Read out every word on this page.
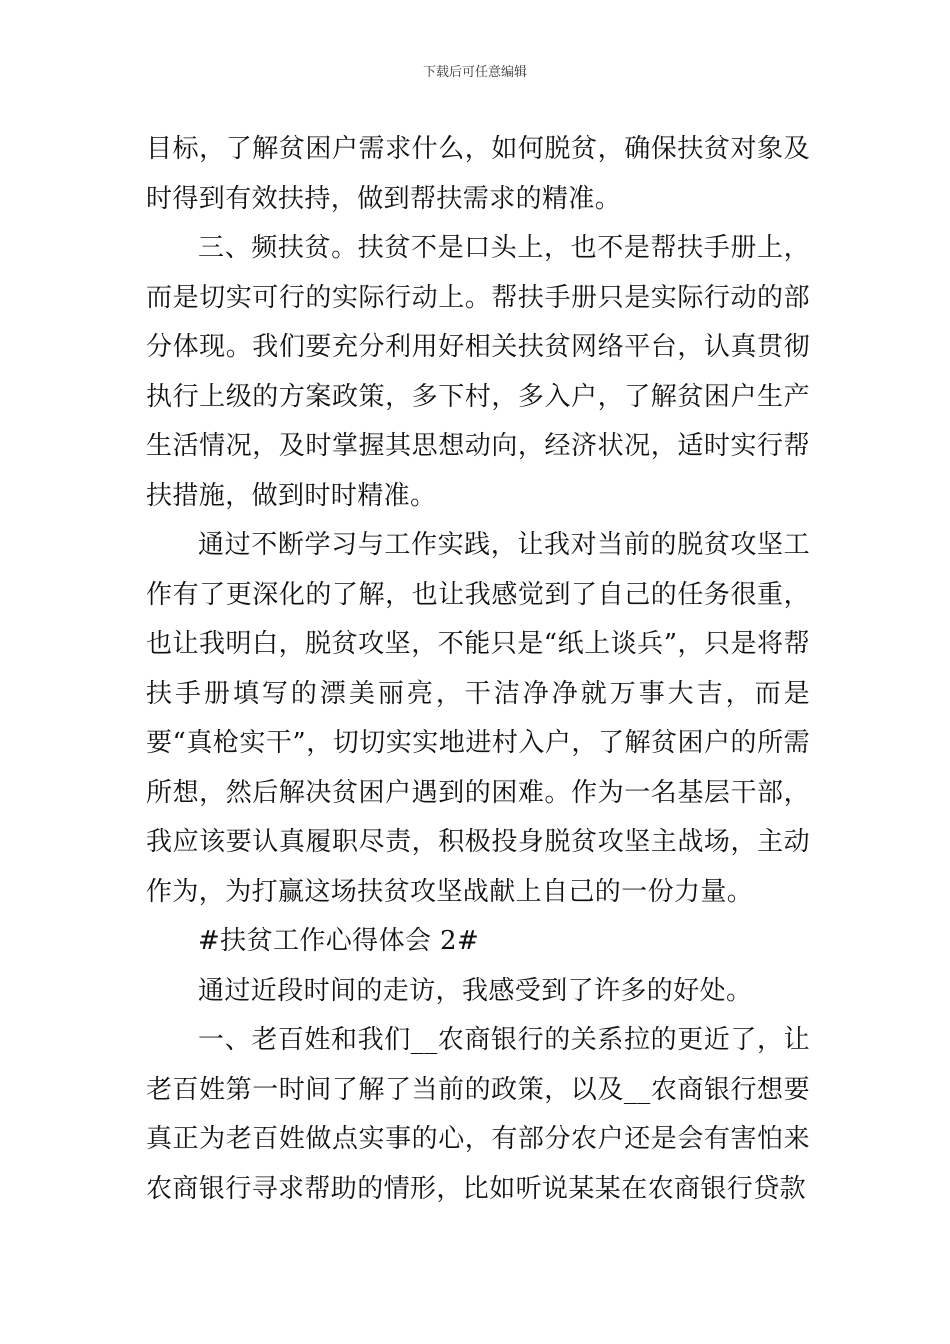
下载后可任意编辑

目标，了解贫困户需求什么，如何脱贫，确保扶贫对象及时得到有效扶持，做到帮扶需求的精准。

三、频扶贫。扶贫不是口头上，也不是帮扶手册上，而是切实可行的实际行动上。帮扶手册只是实际行动的部分体现。我们要充分利用好相关扶贫网络平台，认真贯彻执行上级的方案政策，多下村，多入户，了解贫困户生产生活情况，及时掌握其思想动向，经济状况，适时实行帮扶措施，做到时时精准。

通过不断学习与工作实践，让我对当前的脱贫攻坚工作有了更深化的了解，也让我感觉到了自己的任务很重，也让我明白，脱贫攻坚，不能只是“纸上谈兵”，只是将帮扶手册填写的漂美丽亮，干洁净净就万事大吉，而是要“真枪实干”，切切实实地进村入户，了解贫困户的所需所想，然后解决贫困户遇到的困难。作为一名基层干部，我应该要认真履职尽责，积极投身脱贫攻坚主战场，主动作为，为打赢这场扶贫攻坚战献上自己的一份力量。

#扶贫工作心得体会 2#

通过近段时间的走访，我感受到了许多的好处。

一、老百姓和我们__农商银行的关系拉的更近了，让老百姓第一时间了解了当前的政策，以及__农商银行想要真正为老百姓做点实事的心，有部分农户还是会有害怕来农商银行寻求帮助的情形，比如听说某某在农商银行贷款
